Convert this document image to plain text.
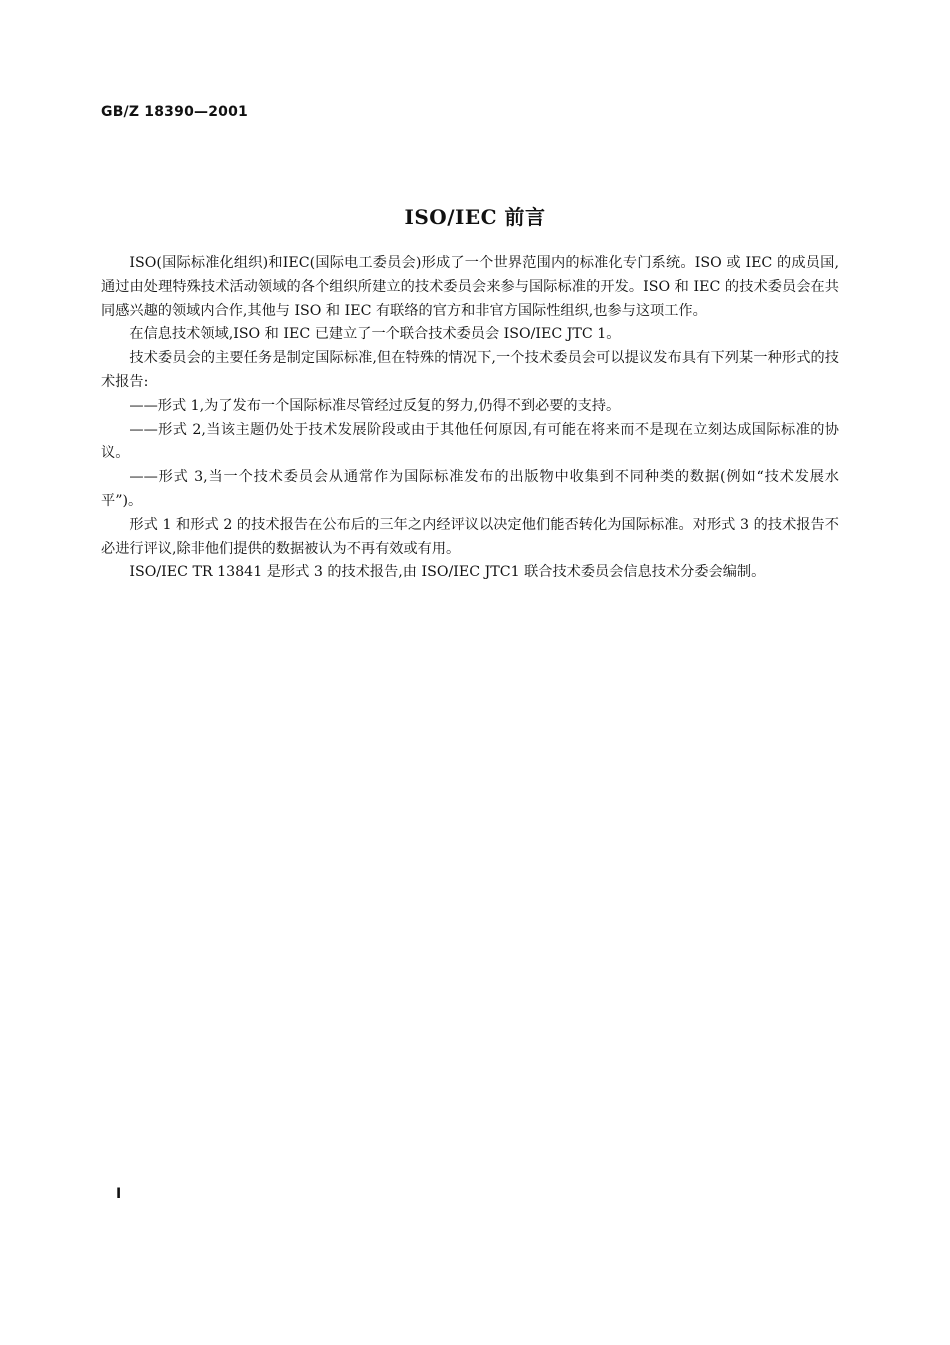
GB/Z 18390—2001
ISO/IEC 前言

ISO(国际标准化组织)和IEC(国际电工委员会)形成了一个世界范围内的标准化专门系统。ISO 或 IEC 的成员国,通过由处理特殊技术活动领域的各个组织所建立的技术委员会来参与国际标准的开发。ISO 和 IEC 的技术委员会在共同感兴趣的领域内合作,其他与 ISO 和 IEC 有联络的官方和非官方国际性组织,也参与这项工作。

在信息技术领域,ISO 和 IEC 已建立了一个联合技术委员会 ISO/IEC JTC 1。

技术委员会的主要任务是制定国际标准,但在特殊的情况下,一个技术委员会可以提议发布具有下列某一种形式的技术报告:

——形式 1,为了发布一个国际标准尽管经过反复的努力,仍得不到必要的支持。

——形式 2,当该主题仍处于技术发展阶段或由于其他任何原因,有可能在将来而不是现在立刻达成国际标准的协议。

——形式 3,当一个技术委员会从通常作为国际标准发布的出版物中收集到不同种类的数据(例如“技术发展水平”)。

形式 1 和形式 2 的技术报告在公布后的三年之内经评议以决定他们能否转化为国际标准。对形式 3 的技术报告不必进行评议,除非他们提供的数据被认为不再有效或有用。

ISO/IEC TR 13841 是形式 3 的技术报告,由 ISO/IEC JTC1 联合技术委员会信息技术分委会编制。

I
